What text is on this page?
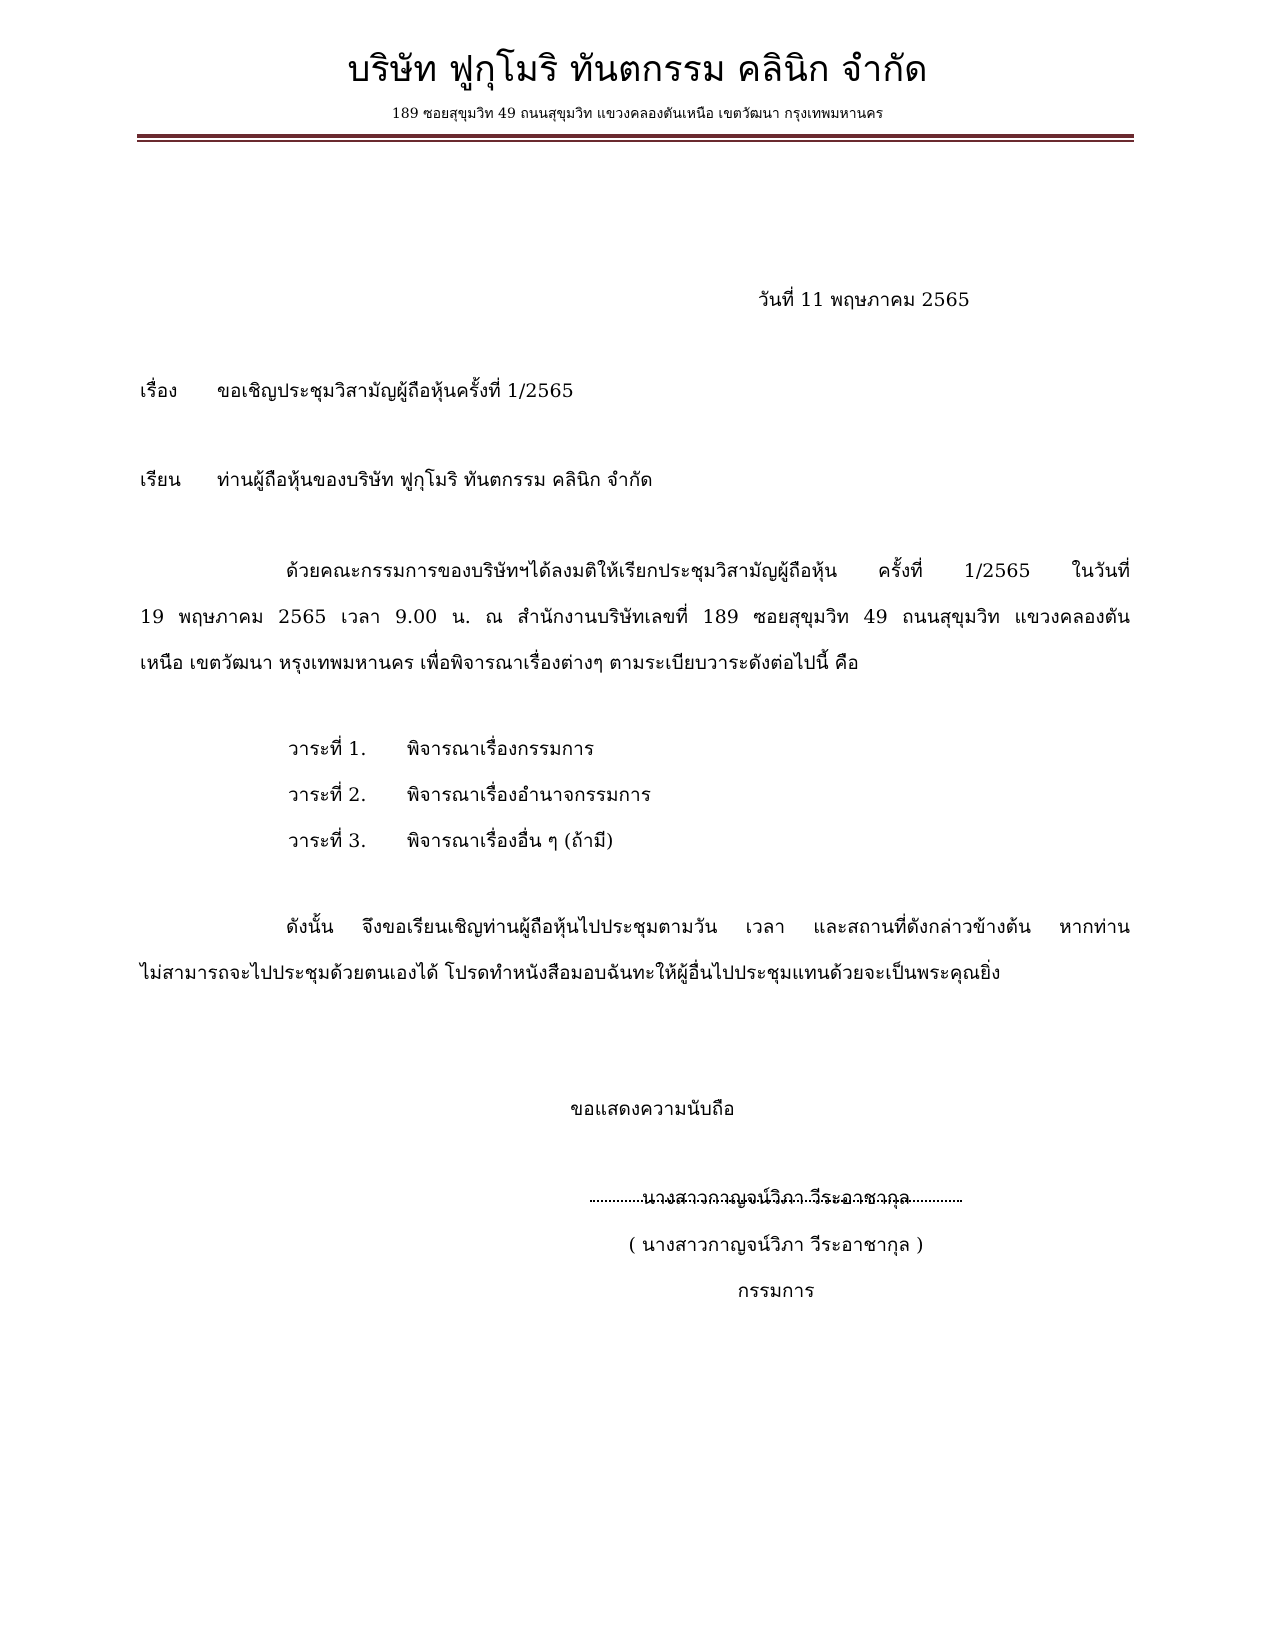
บริษัท ฟูกุโมริ ทันตกรรม คลินิก จำกัด
189 ซอยสุขุมวิท 49 ถนนสุขุมวิท แขวงคลองตันเหนือ เขตวัฒนา กรุงเทพมหานคร
วันที่ 11 พฤษภาคม 2565
เรื่อง ขอเชิญประชุมวิสามัญผู้ถือหุ้นครั้งที่ 1/2565
เรียน ท่านผู้ถือหุ้นของบริษัท ฟูกุโมริ ทันตกรรม คลินิก จำกัด
ด้วยคณะกรรมการของบริษัทฯได้ลงมติให้เรียกประชุมวิสามัญผู้ถือหุ้น ครั้งที่ 1/2565 ในวันที่
19 พฤษภาคม 2565 เวลา 9.00 น. ณ สำนักงานบริษัทเลขที่ 189 ซอยสุขุมวิท 49 ถนนสุขุมวิท แขวงคลองตัน
เหนือ เขตวัฒนา หรุงเทพมหานคร เพื่อพิจารณาเรื่องต่างๆ ตามระเบียบวาระดังต่อไปนี้ คือ
วาระที่ 1. พิจารณาเรื่องกรรมการ
วาระที่ 2. พิจารณาเรื่องอำนาจกรรมการ
วาระที่ 3. พิจารณาเรื่องอื่น ๆ (ถ้ามี)
ดังนั้น จึงขอเรียนเชิญท่านผู้ถือหุ้นไปประชุมตามวัน เวลา และสถานที่ดังกล่าวข้างต้น หากท่าน
ไม่สามารถจะไปประชุมด้วยตนเองได้ โปรดทำหนังสือมอบฉันทะให้ผู้อื่นไปประชุมแทนด้วยจะเป็นพระคุณยิ่ง
ขอแสดงความนับถือ
นางสาวกาญจน์วิภา วีระอาชากุล
( นางสาวกาญจน์วิภา วีระอาชากุล )
กรรมการ
